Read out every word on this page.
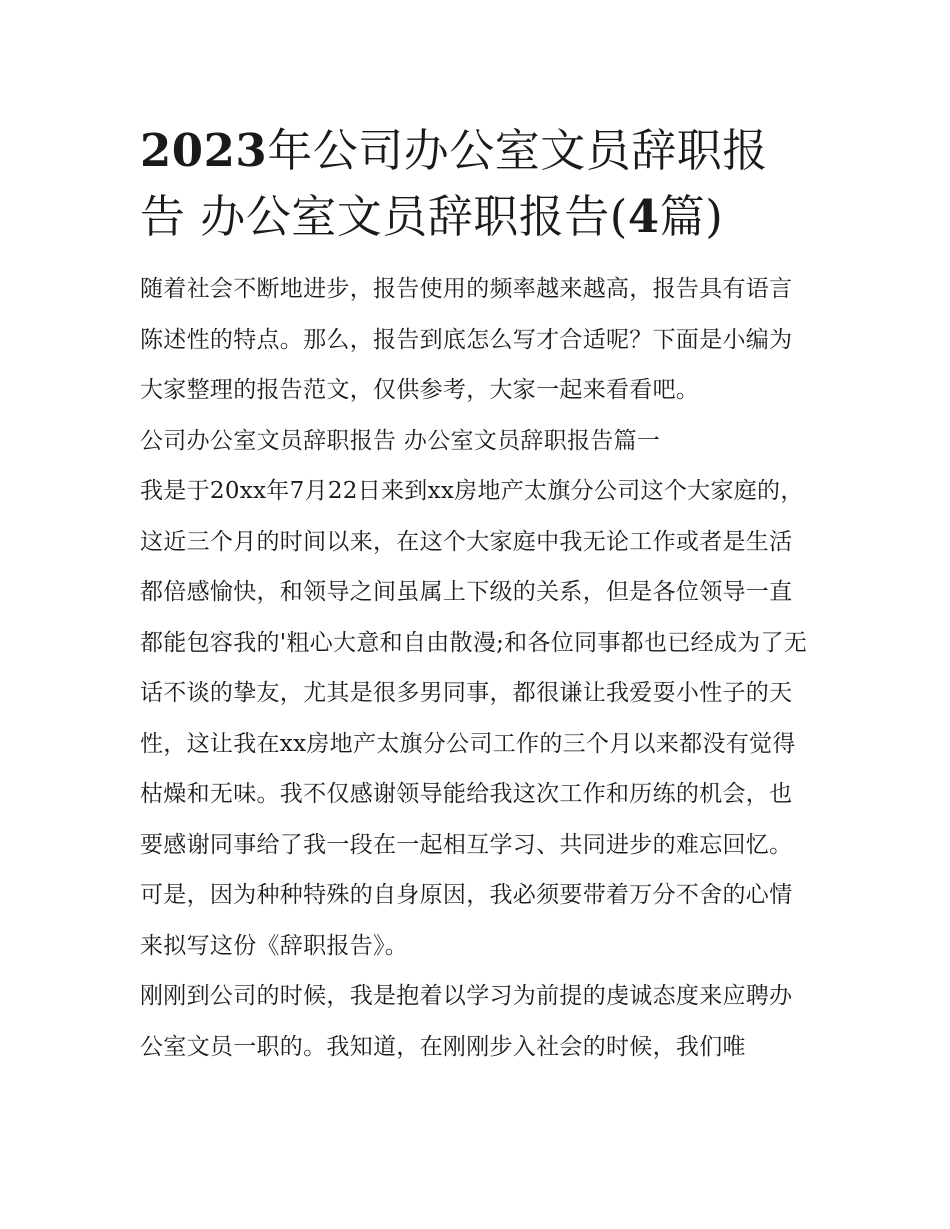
2023年公司办公室文员辞职报告 办公室文员辞职报告(4篇)

随着社会不断地进步，报告使用的频率越来越高，报告具有语言陈述性的特点。那么，报告到底怎么写才合适呢？下面是小编为大家整理的报告范文，仅供参考，大家一起来看看吧。

公司办公室文员辞职报告 办公室文员辞职报告篇一

我是于20xx年7月22日来到xx房地产太旗分公司这个大家庭的，这近三个月的时间以来，在这个大家庭中我无论工作或者是生活都倍感愉快，和领导之间虽属上下级的关系，但是各位领导一直都能包容我的'粗心大意和自由散漫;和各位同事都也已经成为了无话不谈的挚友，尤其是很多男同事，都很谦让我爱耍小性子的天性，这让我在xx房地产太旗分公司工作的三个月以来都没有觉得枯燥和无味。我不仅感谢领导能给我这次工作和历练的机会，也要感谢同事给了我一段在一起相互学习、共同进步的难忘回忆。可是，因为种种特殊的自身原因，我必须要带着万分不舍的心情来拟写这份《辞职报告》。

刚刚到公司的时候，我是抱着以学习为前提的虔诚态度来应聘办公室文员一职的。我知道，在刚刚步入社会的时候，我们唯
